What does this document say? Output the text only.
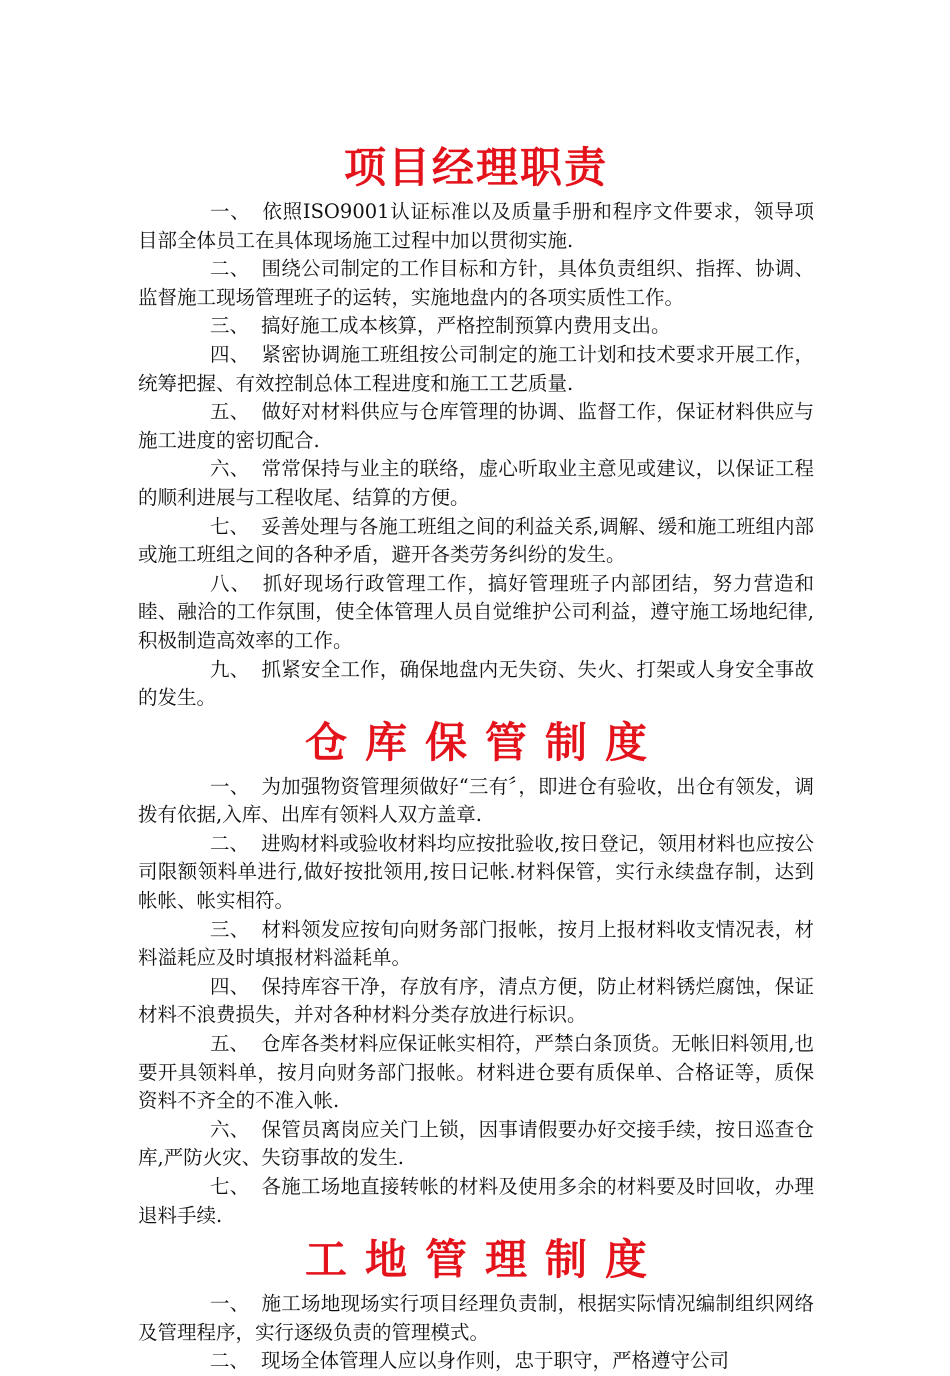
项目经理职责

一、 依照ISO9001认证标准以及质量手册和程序文件要求，领导项目部全体员工在具体现场施工过程中加以贯彻实施.

二、 围绕公司制定的工作目标和方针，具体负责组织、指挥、协调、监督施工现场管理班子的运转，实施地盘内的各项实质性工作。

三、 搞好施工成本核算，严格控制预算内费用支出。

四、 紧密协调施工班组按公司制定的施工计划和技术要求开展工作，统筹把握、有效控制总体工程进度和施工工艺质量.

五、 做好对材料供应与仓库管理的协调、监督工作，保证材料供应与施工进度的密切配合.

六、 常常保持与业主的联络，虚心听取业主意见或建议，以保证工程的顺利进展与工程收尾、结算的方便。

七、 妥善处理与各施工班组之间的利益关系,调解、缓和施工班组内部或施工班组之间的各种矛盾，避开各类劳务纠纷的发生。

八、 抓好现场行政管理工作，搞好管理班子内部团结，努力营造和睦、融洽的工作氛围，使全体管理人员自觉维护公司利益，遵守施工场地纪律,积极制造高效率的工作。

九、 抓紧安全工作，确保地盘内无失窃、失火、打架或人身安全事故的发生。

仓库保管制度

一、 为加强物资管理须做好“三有〞，即进仓有验收，出仓有领发，调拨有依据,入库、出库有领料人双方盖章.

二、 进购材料或验收材料均应按批验收,按日登记，领用材料也应按公司限额领料单进行,做好按批领用,按日记帐.材料保管，实行永续盘存制，达到帐帐、帐实相符。

三、 材料领发应按旬向财务部门报帐，按月上报材料收支情况表，材料溢耗应及时填报材料溢耗单。

四、 保持库容干净，存放有序，清点方便，防止材料锈烂腐蚀，保证材料不浪费损失，并对各种材料分类存放进行标识。

五、 仓库各类材料应保证帐实相符，严禁白条顶货。无帐旧料领用,也要开具领料单，按月向财务部门报帐。材料进仓要有质保单、合格证等，质保资料不齐全的不准入帐.

六、 保管员离岗应关门上锁，因事请假要办好交接手续，按日巡查仓库,严防火灾、失窃事故的发生.

七、 各施工场地直接转帐的材料及使用多余的材料要及时回收，办理退料手续.

工地管理制度

一、 施工场地现场实行项目经理负责制，根据实际情况编制组织网络及管理程序，实行逐级负责的管理模式。

二、 现场全体管理人应以身作则，忠于职守，严格遵守公司
